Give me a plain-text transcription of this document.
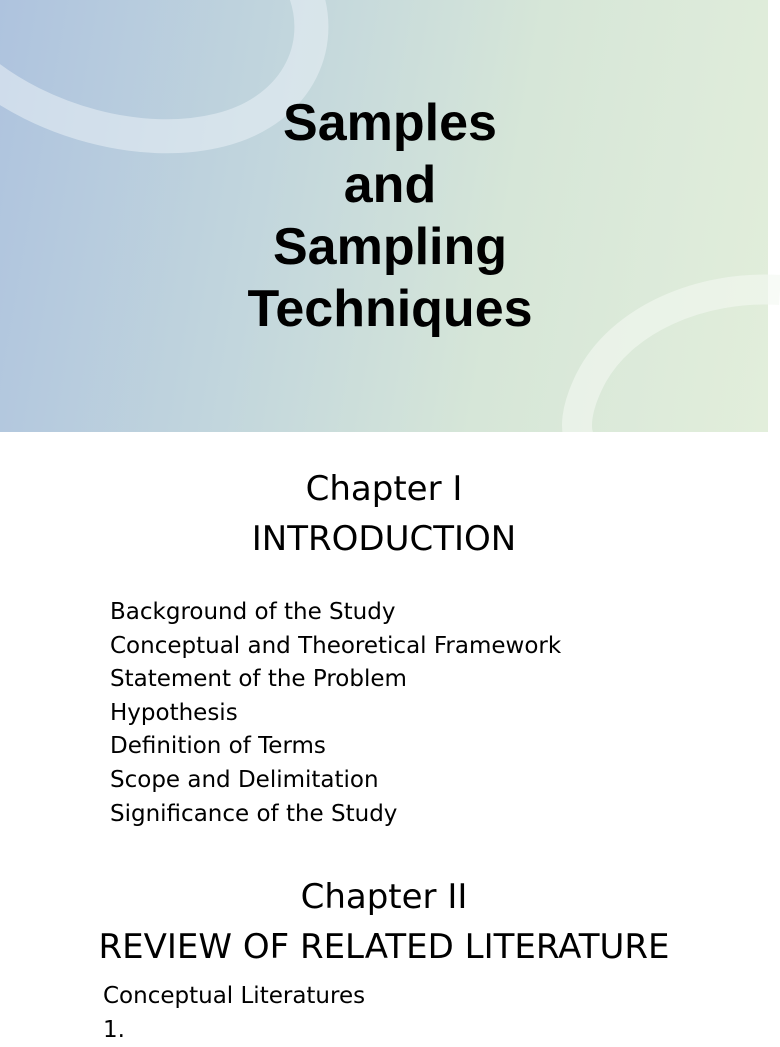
Samples
and
Sampling
Techniques
Chapter I
INTRODUCTION
Background of the Study
Conceptual and Theoretical Framework
Statement of the Problem
Hypothesis
Definition of Terms
Scope and Delimitation
Significance of the Study
Chapter II
REVIEW OF RELATED LITERATURE
Conceptual Literatures
1.
